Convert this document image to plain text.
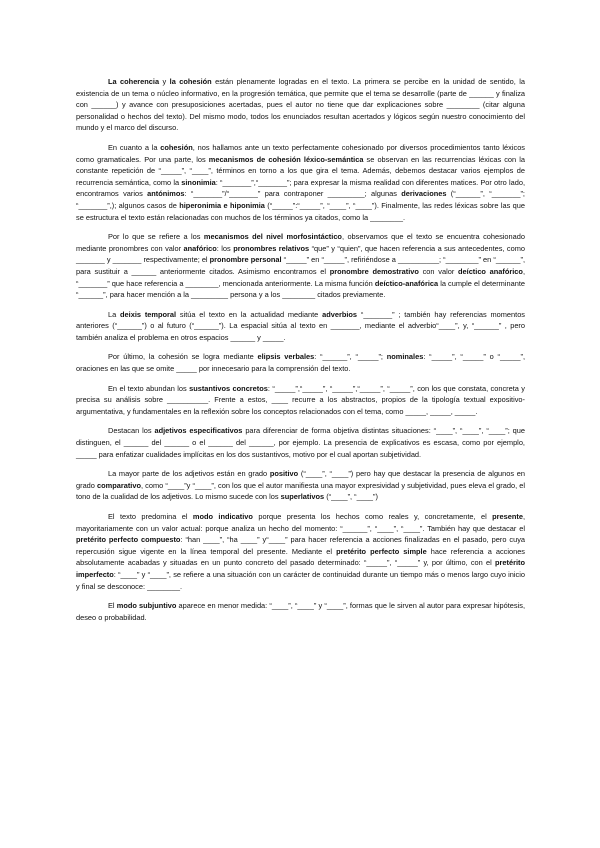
La coherencia y la cohesión están plenamente logradas en el texto. La primera se percibe en la unidad de sentido, la existencia de un tema o núcleo informativo, en la progresión temática, que permite que el tema se desarrolle (parte de ______ y finaliza con ______) y avance con presuposiciones acertadas, pues el autor no tiene que dar explicaciones sobre ________ (citar alguna personalidad o hechos del texto). Del mismo modo, todos los enunciados resultan acertados y lógicos según nuestro conocimiento del mundo y el marco del discurso.

En cuanto a la cohesión, nos hallamos ante un texto perfectamente cohesionado por diversos procedimientos tanto léxicos como gramaticales. Por una parte, los mecanismos de cohesión léxico-semántica se observan en las recurrencias léxicas con la constante repetición de “_____”, “____”, términos en torno a los que gira el tema. Además, debemos destacar varios ejemplos de recurrencia semántica, como la sinonimia: “_______”,“_______”; para expresar la misma realidad con diferentes matices. Por otro lado, encontramos varios antónimos: “_______”/“_______” para contraponer _________; algunas derivaciones (“______”, “_______”; “_______”,); algunos casos de hiperonimia e hiponimia (“_____”:“_____”, “____”, “____”). Finalmente, las redes léxicas sobre las que se estructura el texto están relacionadas con muchos de los términos ya citados, como la ________.

Por lo que se refiere a los mecanismos del nivel morfosintáctico, observamos que el texto se encuentra cohesionado mediante pronombres con valor anafórico: los pronombres relativos “que” y “quien”, que hacen referencia a sus antecedentes, como _______ y _______ respectivamente; el pronombre personal “_____” en “_____”, refiriéndose a __________; “________” en “______”, para sustituir a ______ anteriormente citados. Asimismo encontramos el pronombre demostrativo con valor deíctico anafórico, “_______” que hace referencia a ________, mencionada anteriormente. La misma función deíctico-anafórica la cumple el determinante “______”, para hacer mención a la _________ persona y a los ________ citados previamente.

La deixis temporal sitúa el texto en la actualidad mediante adverbios “_______” ; también hay referencias momentos anteriores (“______”) o al futuro (“______”). La espacial sitúa al texto en _______, mediante el adverbio“____”, y, “______” , pero también analiza el problema en otros espacios ______ y _____.

Por último, la cohesión se logra mediante elipsis verbales: “______”, “_____”; nominales: “_____”, “_____” o “_____”, oraciones en las que se omite _____ por innecesario para la comprensión del texto.

En el texto abundan los sustantivos concretos: “_____”,“_____”, “_____”,“_____”, “_____”, con los que constata, concreta y precisa su análisis sobre __________. Frente a estos, ____ recurre a los abstractos, propios de la tipología textual expositivo-argumentativa, y fundamentales en la reflexión sobre los conceptos relacionados con el tema, como _____, _____, _____.

Destacan los adjetivos especificativos para diferenciar de forma objetiva distintas situaciones: “____”, “____”, “____”; que distinguen, el ______ del ______ o el ______ del ______, por ejemplo. La presencia de explicativos es escasa, como por ejemplo, _____ para enfatizar cualidades implícitas en los dos sustantivos, motivo por el cual aportan subjetividad.

La mayor parte de los adjetivos están en grado positivo (“____”, “____”) pero hay que destacar la presencia de algunos en grado comparativo, como “____”y “____”, con los que el autor manifiesta una mayor expresividad y subjetividad, pues eleva el grado, el tono de la cualidad de los adjetivos. Lo mismo sucede con los superlativos (“____”, “____”)

El texto predomina el modo indicativo porque presenta los hechos como reales y, concretamente, el presente, mayoritariamente con un valor actual: porque analiza un hecho del momento: “______”, “____”, “____”. También hay que destacar el pretérito perfecto compuesto: “han ____”, “ha ____” y“____” para hacer referencia a acciones finalizadas en el pasado, pero cuya repercusión sigue vigente en la línea temporal del presente. Mediante el pretérito perfecto simple hace referencia a acciones absolutamente acabadas y situadas en un punto concreto del pasado determinado: “_____”, “_____” y, por último, con el pretérito imperfecto: “____” y “____”, se refiere a una situación con un carácter de continuidad durante un tiempo más o menos largo cuyo inicio y final se desconoce: ________.

El modo subjuntivo aparece en menor medida: “____”, “____” y “____”, formas que le sirven al autor para expresar hipótesis, deseo o probabilidad.
